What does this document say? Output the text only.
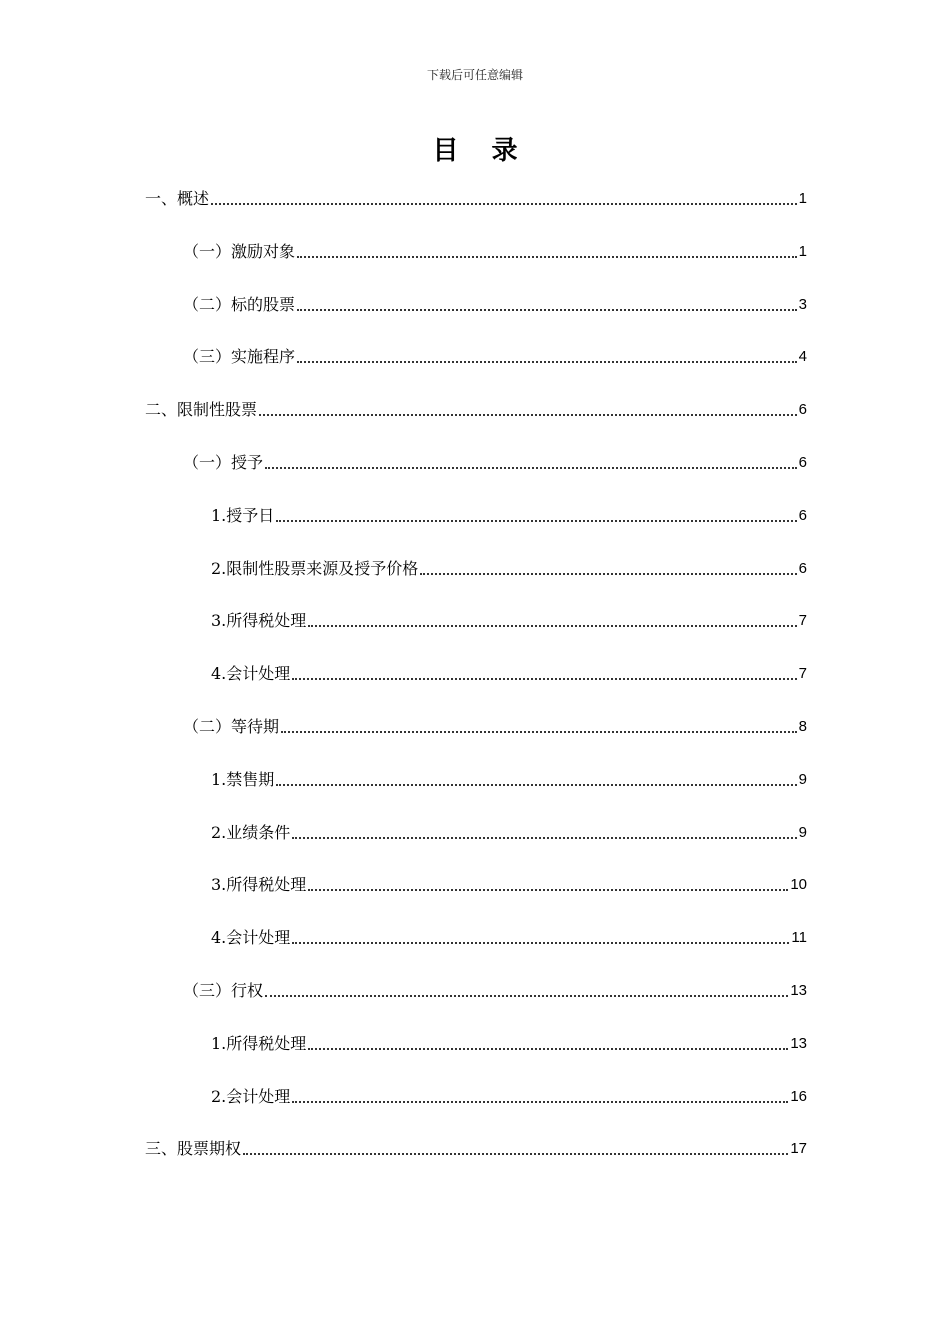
下载后可任意编辑
目 录
一、概述	1
（一）激励对象	1
（二）标的股票	3
（三）实施程序	4
二、限制性股票	6
（一）授予	6
1.授予日	6
2.限制性股票来源及授予价格	6
3.所得税处理	7
4.会计处理	7
（二）等待期	8
1.禁售期	9
2.业绩条件	9
3.所得税处理	10
4.会计处理	11
（三）行权	13
1.所得税处理	13
2.会计处理	16
三、股票期权	17
